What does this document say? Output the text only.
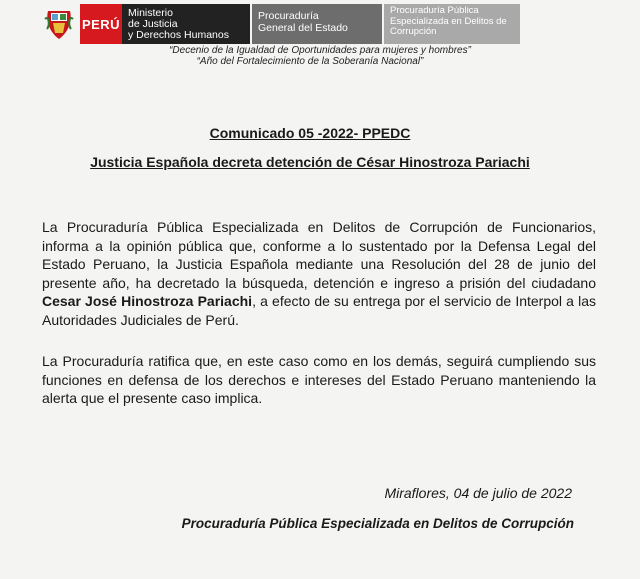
PERÚ
Ministerio
de Justicia
y Derechos Humanos
Procuraduría
General del Estado
Procuraduría Pública
Especializada en Delitos de
Corrupción
“Decenio de la Igualdad de Oportunidades para mujeres y hombres”
“Año del Fortalecimiento de la Soberanía Nacional”
Comunicado 05 -2022- PPEDC
Justicia Española decreta detención de César Hinostroza Pariachi
La Procuraduría Pública Especializada en Delitos de Corrupción de Funcionarios, informa a la opinión pública que, conforme a lo sustentado por la Defensa Legal del Estado Peruano, la Justicia Española mediante una Resolución del 28 de junio del presente año, ha decretado la búsqueda, detención e ingreso a prisión del ciudadano Cesar José Hinostroza Pariachi, a efecto de su entrega por el servicio de Interpol a las Autoridades Judiciales de Perú.
La Procuraduría ratifica que, en este caso como en los demás, seguirá cumpliendo sus funciones en defensa de los derechos e intereses del Estado Peruano manteniendo la alerta que el presente caso implica.
Miraflores, 04 de julio de 2022
Procuraduría Pública Especializada en Delitos de Corrupción
